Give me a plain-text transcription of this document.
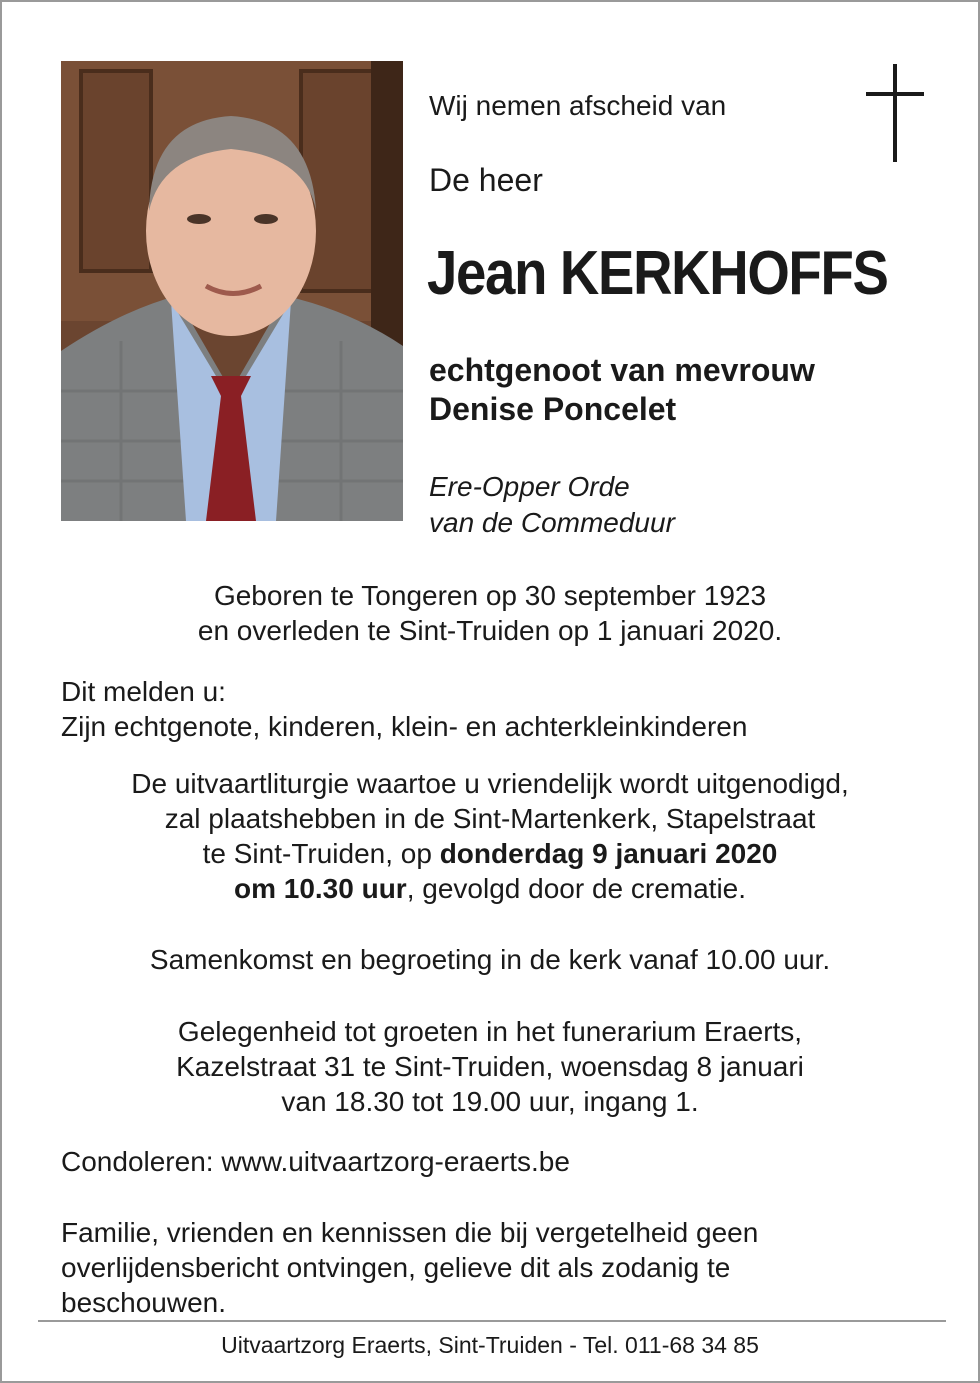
Wij nemen afscheid van
De heer
Jean KERKHOFFS
echtgenoot van mevrouw
Denise Poncelet
Ere-Opper Orde
van de Commeduur
Geboren te Tongeren op 30 september 1923
en overleden te Sint-Truiden op 1 januari 2020.
Dit melden u:
Zijn echtgenote, kinderen, klein- en achterkleinkinderen
De uitvaartliturgie waartoe u vriendelijk wordt uitgenodigd,
zal plaatshebben in de Sint-Martenkerk, Stapelstraat
te Sint-Truiden, op donderdag 9 januari 2020
om 10.30 uur, gevolgd door de crematie.
Samenkomst en begroeting in de kerk vanaf 10.00 uur.
Gelegenheid tot groeten in het funerarium Eraerts,
Kazelstraat 31 te Sint-Truiden, woensdag 8 januari
van 18.30 tot 19.00 uur, ingang 1.
Condoleren: www.uitvaartzorg-eraerts.be
Familie, vrienden en kennissen die bij vergetelheid geen
overlijdensbericht ontvingen, gelieve dit als zodanig te
beschouwen.
Uitvaartzorg Eraerts, Sint-Truiden - Tel. 011-68 34 85
